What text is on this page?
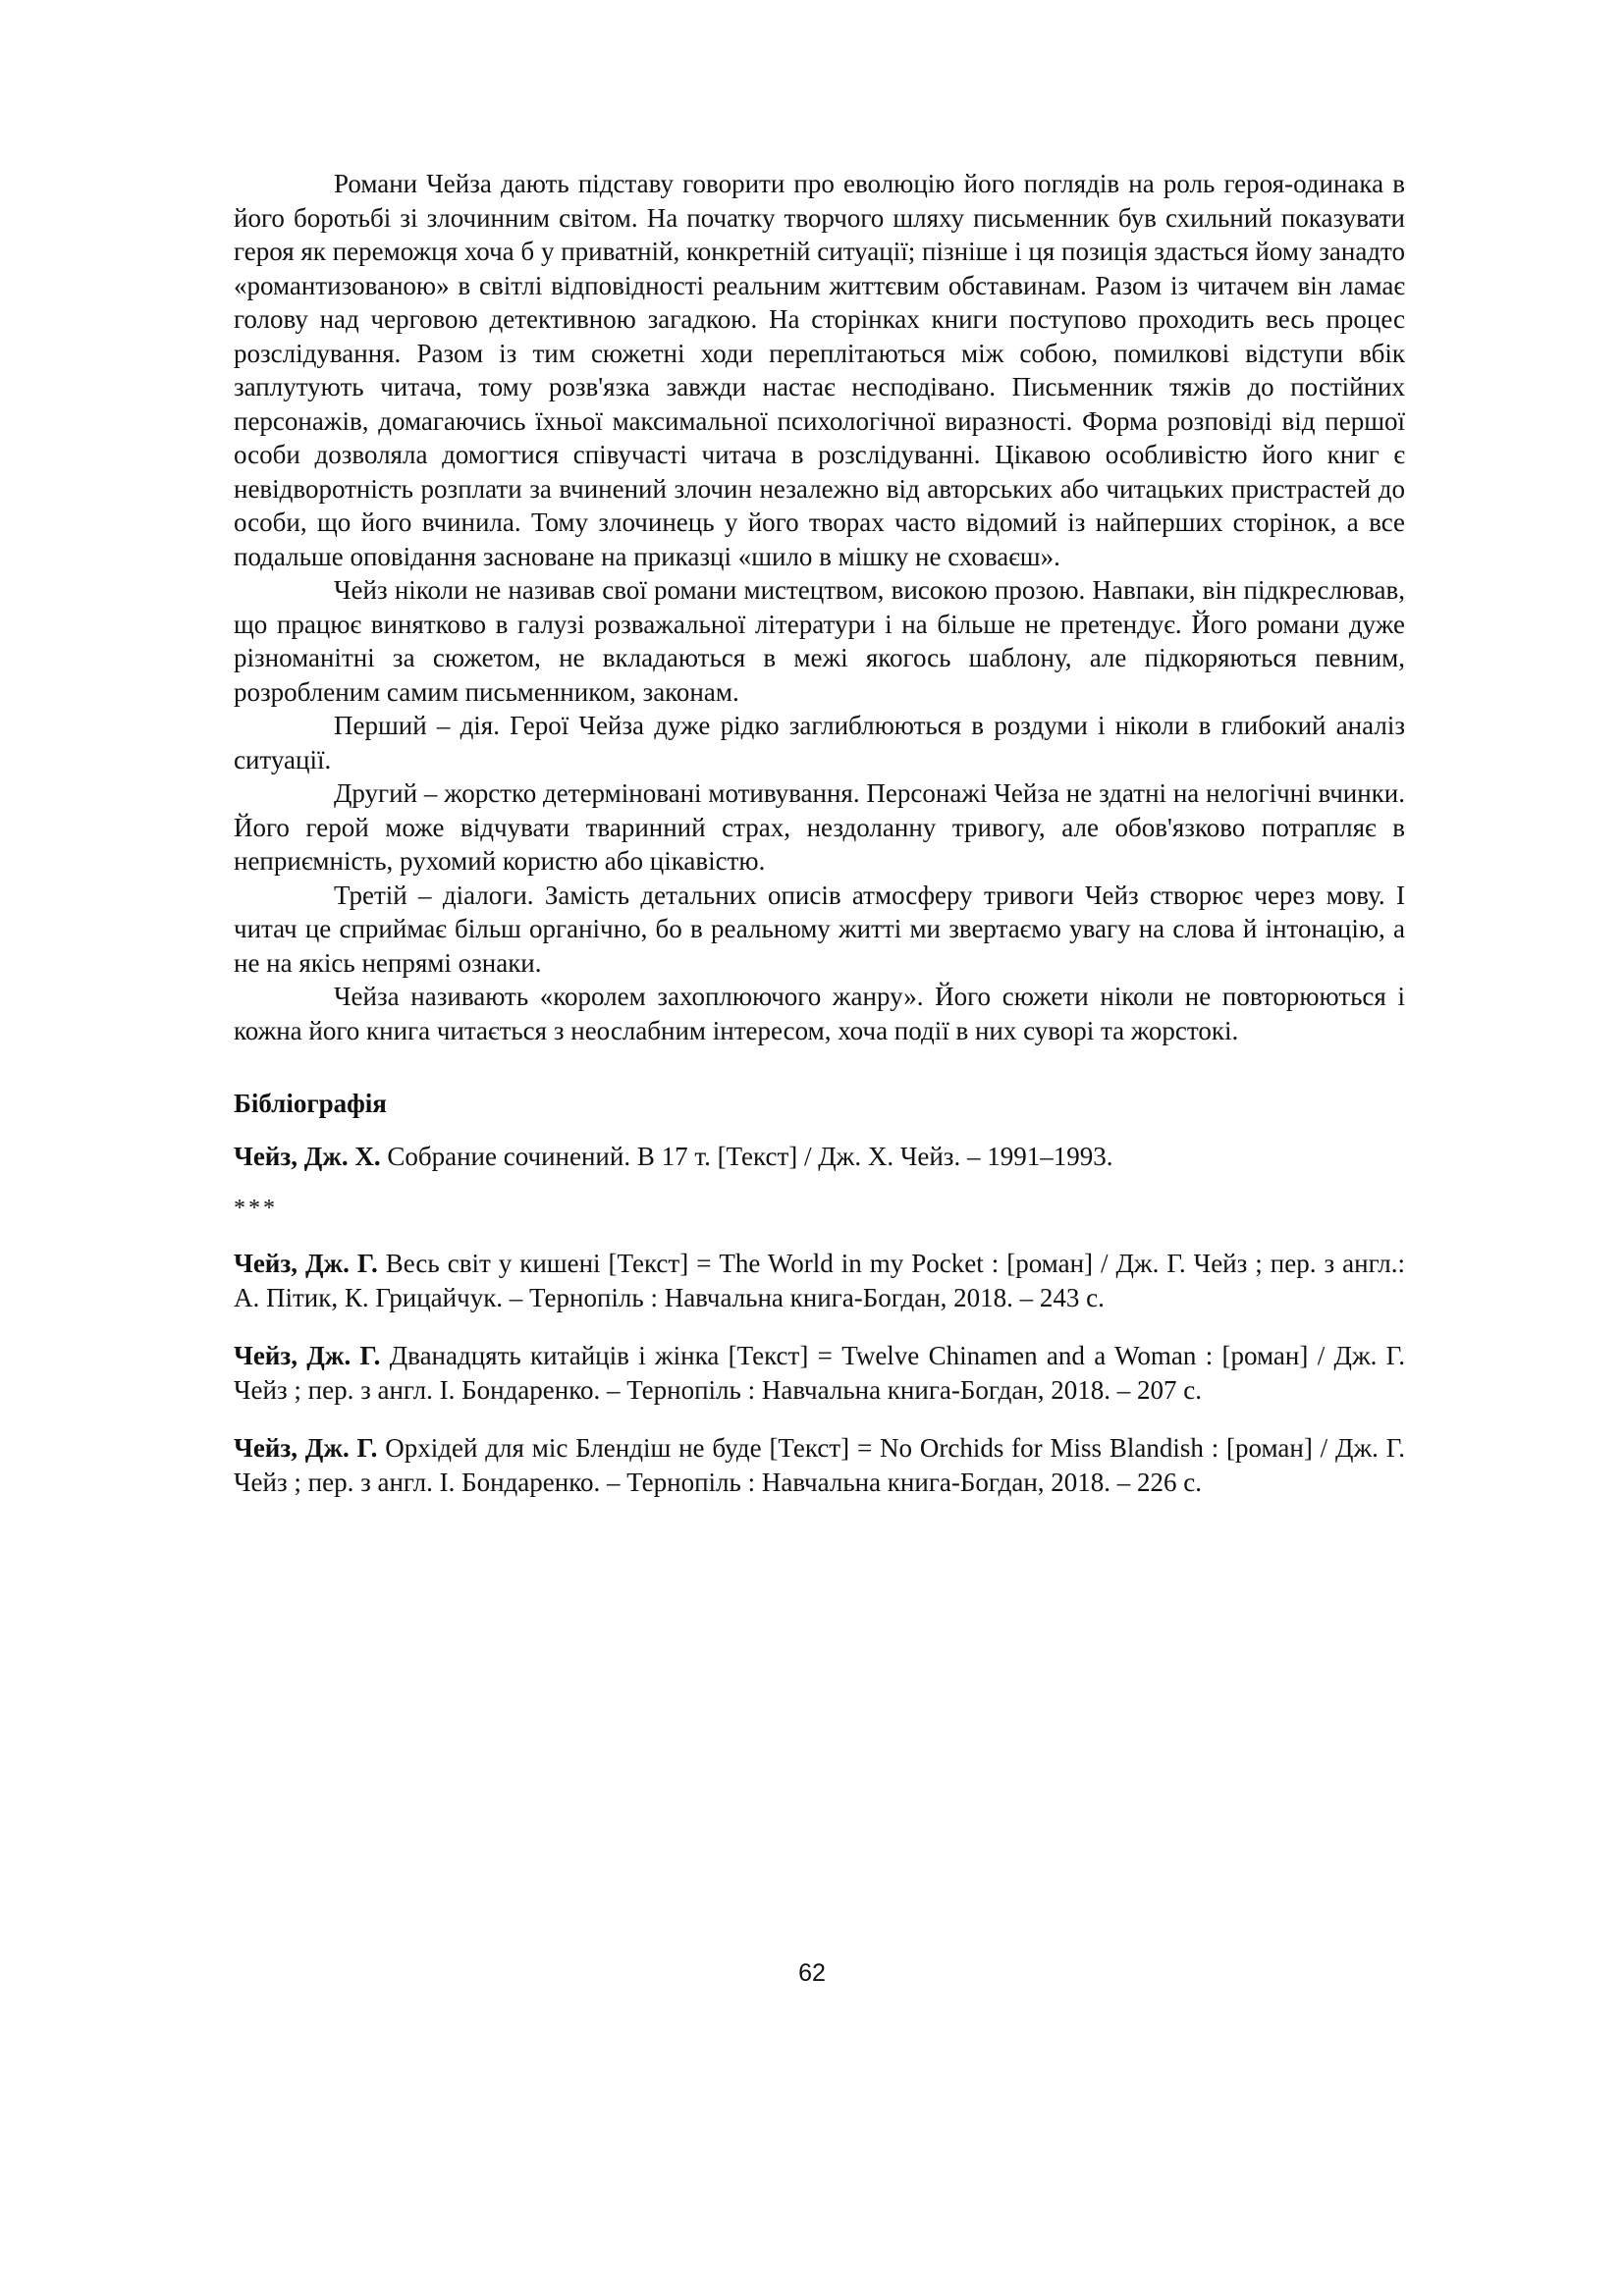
Романи Чейза дають підставу говорити про еволюцію його поглядів на роль героя-одинака в його боротьбі зі злочинним світом. На початку творчого шляху письменник був схильний показувати героя як переможця хоча б у приватній, конкретній ситуації; пізніше і ця позиція здасться йому занадто «романтизованою» в світлі відповідності реальним життєвим обставинам. Разом із читачем він ламає голову над черговою детективною загадкою. На сторінках книги поступово проходить весь процес розслідування. Разом із тим сюжетні ходи переплітаються між собою, помилкові відступи вбік заплутують читача, тому розв'язка завжди настає несподівано. Письменник тяжів до постійних персонажів, домагаючись їхньої максимальної психологічної виразності. Форма розповіді від першої особи дозволяла домогтися співучасті читача в розслідуванні. Цікавою особливістю його книг є невідворотність розплати за вчинений злочин незалежно від авторських або читацьких пристрастей до особи, що його вчинила. Тому злочинець у його творах часто відомий із найперших сторінок, а все подальше оповідання засноване на приказці «шило в мішку не сховаєш».

Чейз ніколи не називав свої романи мистецтвом, високою прозою. Навпаки, він підкреслював, що працює винятково в галузі розважальної літератури і на більше не претендує. Його романи дуже різноманітні за сюжетом, не вкладаються в межі якогось шаблону, але підкоряються певним, розробленим самим письменником, законам.

Перший – дія. Герої Чейза дуже рідко заглиблюються в роздуми і ніколи в глибокий аналіз ситуації.

Другий – жорстко детерміновані мотивування. Персонажі Чейза не здатні на нелогічні вчинки. Його герой може відчувати тваринний страх, нездоланну тривогу, але обов'язково потрапляє в неприємність, рухомий користю або цікавістю.

Третій – діалоги. Замість детальних описів атмосферу тривоги Чейз створює через мову. І читач це сприймає більш органічно, бо в реальному житті ми звертаємо увагу на слова й інтонацію, а не на якісь непрямі ознаки.

Чейза називають «королем захоплюючого жанру». Його сюжети ніколи не повторюються і кожна його книга читається з неослабним інтересом, хоча події в них суворі та жорстокі.

Бібліографія

Чейз, Дж. Х. Собрание сочинений. В 17 т. [Текст] / Дж. Х. Чейз. – 1991–1993.

***

Чейз, Дж. Г. Весь світ у кишені [Текст] = The World in my Pocket : [роман] / Дж. Г. Чейз ; пер. з англ.: А. Пітик, К. Грицайчук. – Тернопіль : Навчальна книга-Богдан, 2018. – 243 с.

Чейз, Дж. Г. Дванадцять китайців і жінка [Текст] = Twelve Chinamen and a Woman : [роман] / Дж. Г. Чейз ; пер. з англ. І. Бондаренко. – Тернопіль : Навчальна книга-Богдан, 2018. – 207 с.

Чейз, Дж. Г. Орхідей для міс Блендіш не буде [Текст] = No Orchids for Miss Blandish : [роман] / Дж. Г. Чейз ; пер. з англ. І. Бондаренко. – Тернопіль : Навчальна книга-Богдан, 2018. – 226 с.

62
